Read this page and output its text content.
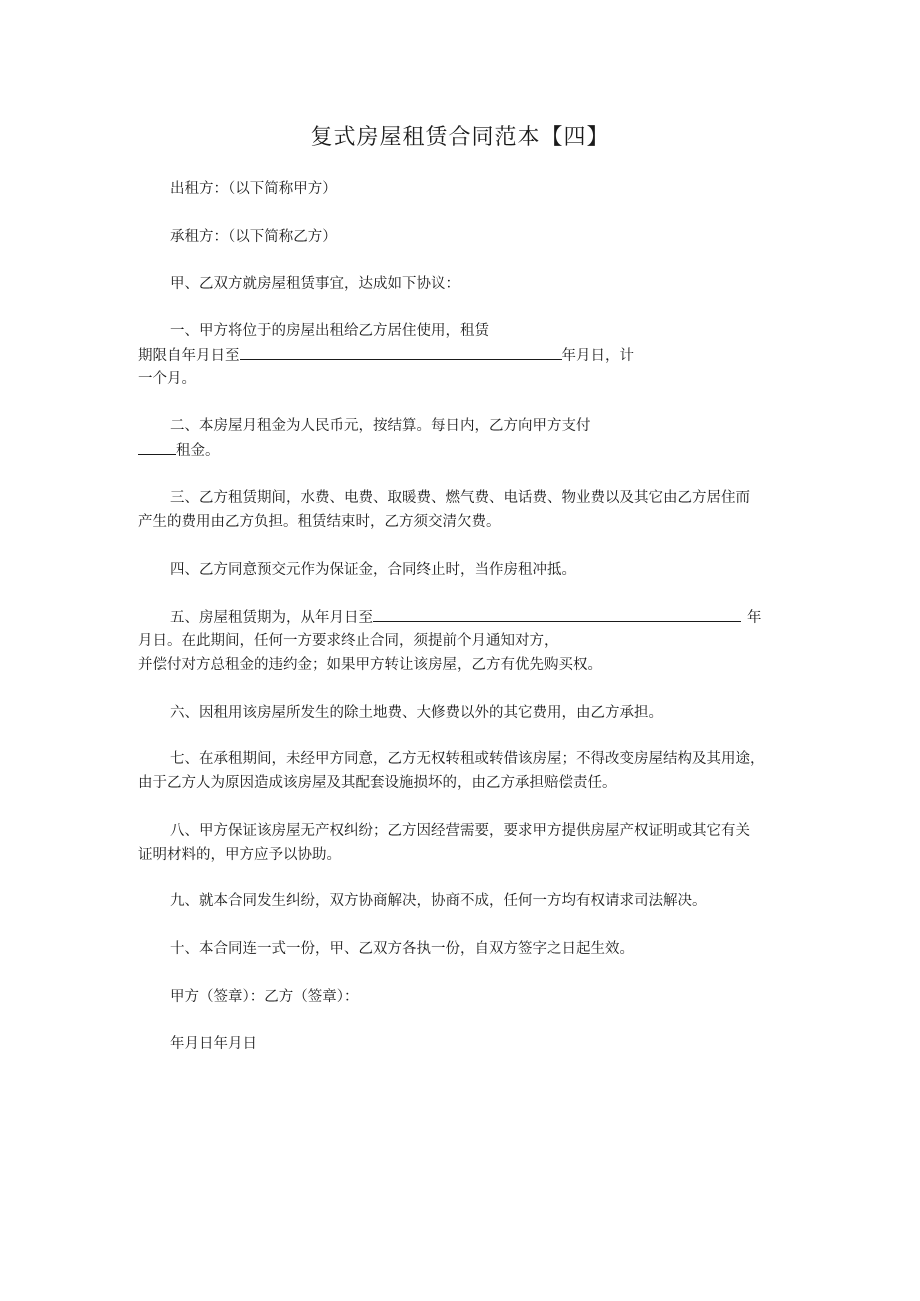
复式房屋租赁合同范本【四】
出租方：（以下简称甲方）
承租方：（以下简称乙方）
甲、乙双方就房屋租赁事宜，达成如下协议：
一、甲方将位于的房屋出租给乙方居住使用，租赁
期限自年月日至	年月日，计
一个月。
二、本房屋月租金为人民币元，按结算。每日内，乙方向甲方支付
租金。
三、乙方租赁期间，水费、电费、取暖费、燃气费、电话费、物业费以及其它由乙方居住而
产生的费用由乙方负担。租赁结束时，乙方须交清欠费。
四、乙方同意预交元作为保证金，合同终止时，当作房租冲抵。
五、房屋租赁期为，从年月日至	年
月日。在此期间，任何一方要求终止合同，须提前个月通知对方，
并偿付对方总租金的违约金；如果甲方转让该房屋，乙方有优先购买权。
六、因租用该房屋所发生的除土地费、大修费以外的其它费用，由乙方承担。
七、在承租期间，未经甲方同意，乙方无权转租或转借该房屋；不得改变房屋结构及其用途，
由于乙方人为原因造成该房屋及其配套设施损坏的，由乙方承担赔偿责任。
八、甲方保证该房屋无产权纠纷；乙方因经营需要，要求甲方提供房屋产权证明或其它有关
证明材料的，甲方应予以协助。
九、就本合同发生纠纷，双方协商解决，协商不成，任何一方均有权请求司法解决。
十、本合同连一式一份，甲、乙双方各执一份，自双方签字之日起生效。
甲方（签章）：乙方（签章）：
年月日年月日
